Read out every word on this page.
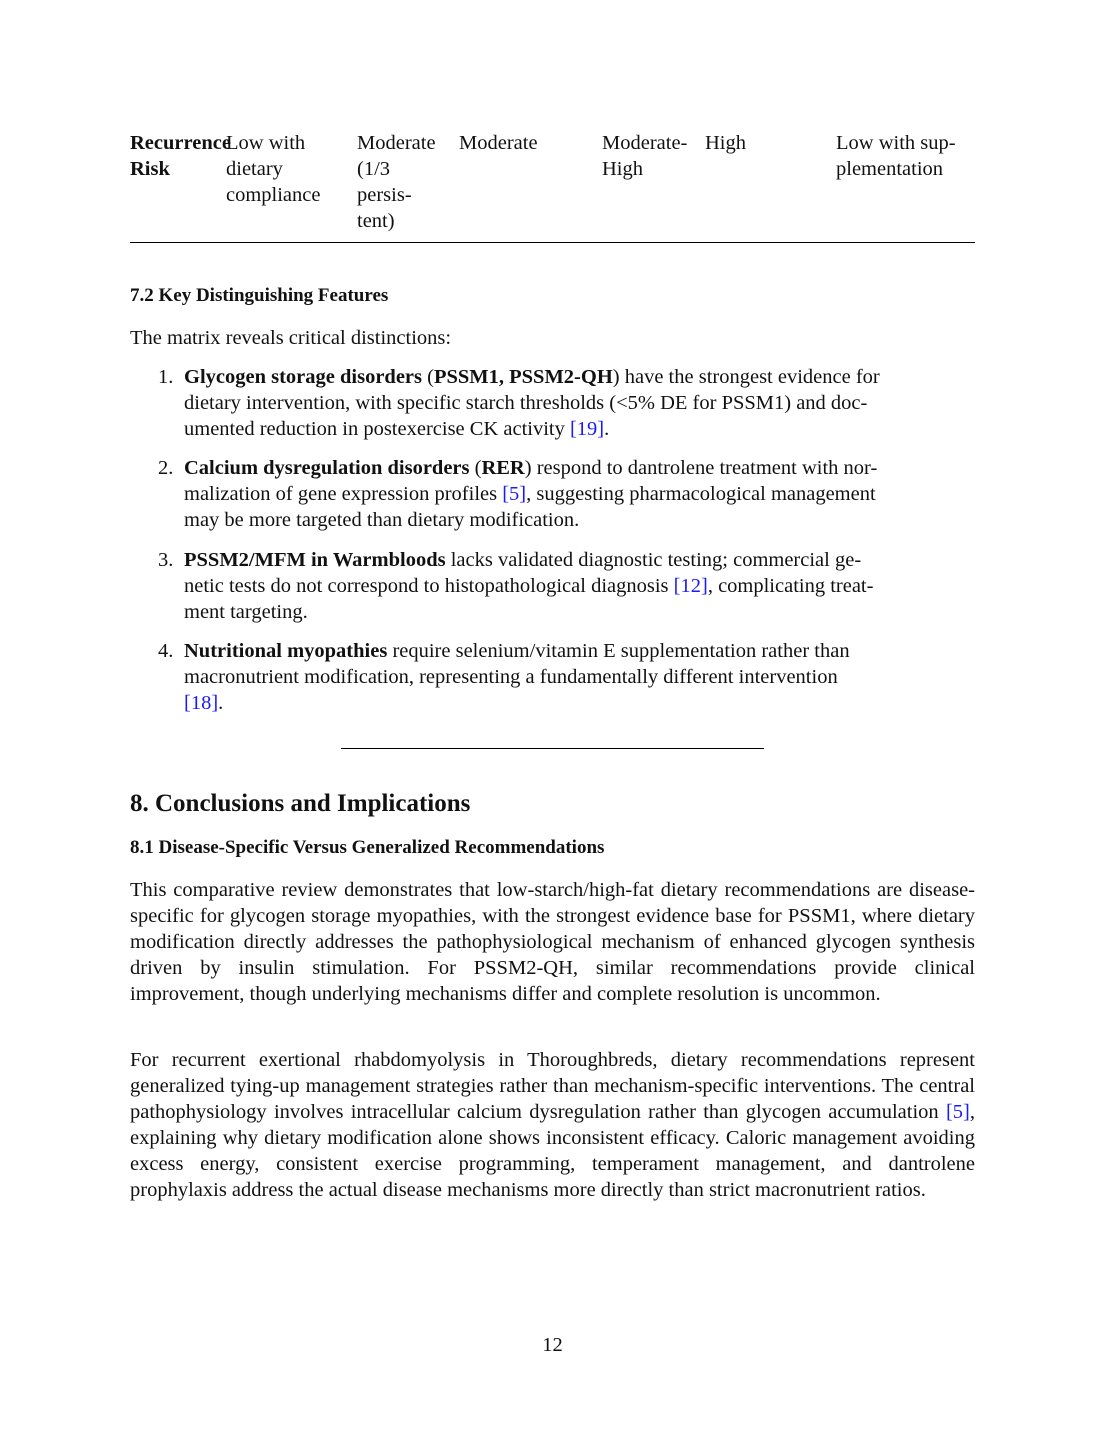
Recurrence
Risk
Low with
dietary
compliance
Moderate
(1/3
persis-
tent)
Moderate	Moderate-
High
High	Low with sup-
plementation
7.2 Key Distinguishing Features

The matrix reveals critical distinctions:

1. Glycogen storage disorders (PSSM1, PSSM2-QH) have the strongest evidence for
dietary intervention, with specific starch thresholds (<5% DE for PSSM1) and doc-
umented reduction in postexercise CK activity [19].
2. Calcium dysregulation disorders (RER) respond to dantrolene treatment with nor-
malization of gene expression profiles [5], suggesting pharmacological management
may be more targeted than dietary modification.
3. PSSM2/MFM in Warmbloods lacks validated diagnostic testing; commercial ge-
netic tests do not correspond to histopathological diagnosis [12], complicating treat-
ment targeting.
4. Nutritional myopathies require selenium/vitamin E supplementation rather than
macronutrient modification, representing a fundamentally different intervention
[18].
8. Conclusions and Implications
8.1 Disease-Specific Versus Generalized Recommendations

This comparative review demonstrates that low-starch/high-fat dietary recommendations are disease-specific for glycogen storage myopathies, with the strongest evidence base for PSSM1, where dietary modification directly addresses the pathophysiological mechanism of enhanced glycogen synthesis driven by insulin stimulation. For PSSM2-QH, similar recommendations provide clinical improvement, though underlying mechanisms differ and complete resolution is uncommon.

For recurrent exertional rhabdomyolysis in Thoroughbreds, dietary recommendations represent generalized tying-up management strategies rather than mechanism-specific interventions. The central pathophysiology involves intracellular calcium dysregulation rather than glycogen accumulation [5], explaining why dietary modification alone shows inconsistent efficacy. Caloric management avoiding excess energy, consistent exercise programming, temperament management, and dantrolene prophylaxis address the actual disease mechanisms more directly than strict macronutrient ratios.

12
